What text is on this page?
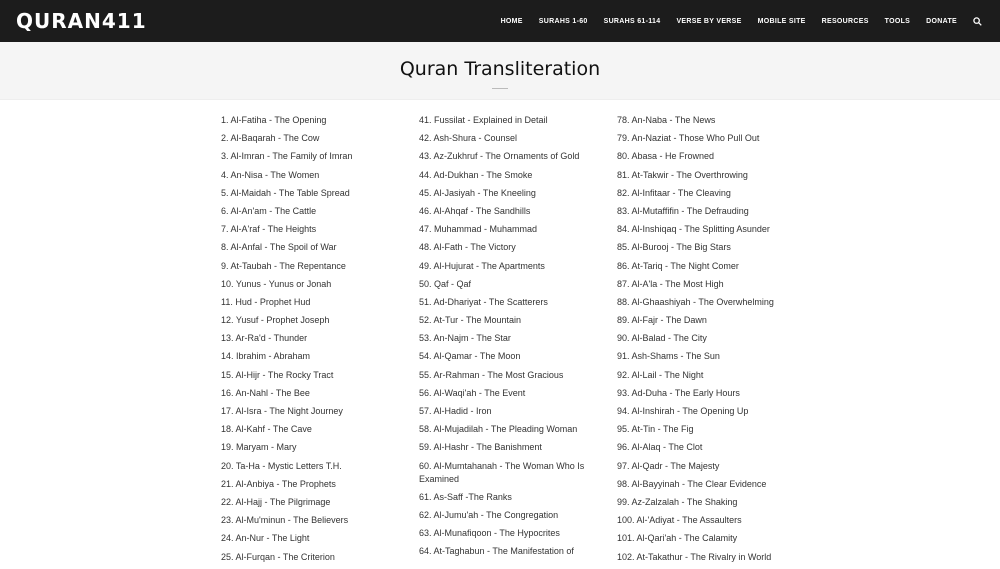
QURAN411	HOME SURAHS 1-60 SURAHS 61-114 VERSE BY VERSE MOBILE SITE RESOURCES TOOLS DONATE
Quran Transliteration
1. Al-Fatiha - The Opening
2. Al-Baqarah - The Cow
3. Al-Imran - The Family of Imran
4. An-Nisa - The Women
5. Al-Maidah - The Table Spread
6. Al-An'am - The Cattle
7. Al-A'raf - The Heights
8. Al-Anfal - The Spoil of War
9. At-Taubah - The Repentance
10. Yunus - Yunus or Jonah
11. Hud - Prophet Hud
12. Yusuf - Prophet Joseph
13. Ar-Ra'd - Thunder
14. Ibrahim - Abraham
15. Al-Hijr - The Rocky Tract
16. An-Nahl - The Bee
17. Al-Isra - The Night Journey
18. Al-Kahf - The Cave
19. Maryam - Mary
20. Ta-Ha - Mystic Letters T.H.
21. Al-Anbiya - The Prophets
22. Al-Hajj - The Pilgrimage
23. Al-Mu'minun - The Believers
24. An-Nur - The Light
25. Al-Furqan - The Criterion
41. Fussilat - Explained in Detail
42. Ash-Shura - Counsel
43. Az-Zukhruf - The Ornaments of Gold
44. Ad-Dukhan - The Smoke
45. Al-Jasiyah - The Kneeling
46. Al-Ahqaf - The Sandhills
47. Muhammad - Muhammad
48. Al-Fath - The Victory
49. Al-Hujurat - The Apartments
50. Qaf - Qaf
51. Ad-Dhariyat - The Scatterers
52. At-Tur - The Mountain
53. An-Najm - The Star
54. Al-Qamar - The Moon
55. Ar-Rahman - The Most Gracious
56. Al-Waqi'ah - The Event
57. Al-Hadid - Iron
58. Al-Mujadilah - The Pleading Woman
59. Al-Hashr - The Banishment
60. Al-Mumtahanah - The Woman Who Is Examined
61. As-Saff -The Ranks
62. Al-Jumu'ah - The Congregation
63. Al-Munafiqoon - The Hypocrites
64. At-Taghabun - The Manifestation of
78. An-Naba - The News
79. An-Naziat - Those Who Pull Out
80. Abasa - He Frowned
81. At-Takwir - The Overthrowing
82. Al-Infitaar - The Cleaving
83. Al-Mutaffifin - The Defrauding
84. Al-Inshiqaq - The Splitting Asunder
85. Al-Burooj - The Big Stars
86. At-Tariq - The Night Comer
87. Al-A'la - The Most High
88. Al-Ghaashiyah - The Overwhelming
89. Al-Fajr - The Dawn
90. Al-Balad - The City
91. Ash-Shams - The Sun
92. Al-Lail - The Night
93. Ad-Duha - The Early Hours
94. Al-Inshirah - The Opening Up
95. At-Tin - The Fig
96. Al-Alaq - The Clot
97. Al-Qadr - The Majesty
98. Al-Bayyinah - The Clear Evidence
99. Az-Zalzalah - The Shaking
100. Al-'Adiyat - The Assaulters
101. Al-Qari'ah - The Calamity
102. At-Takathur - The Rivalry in World
